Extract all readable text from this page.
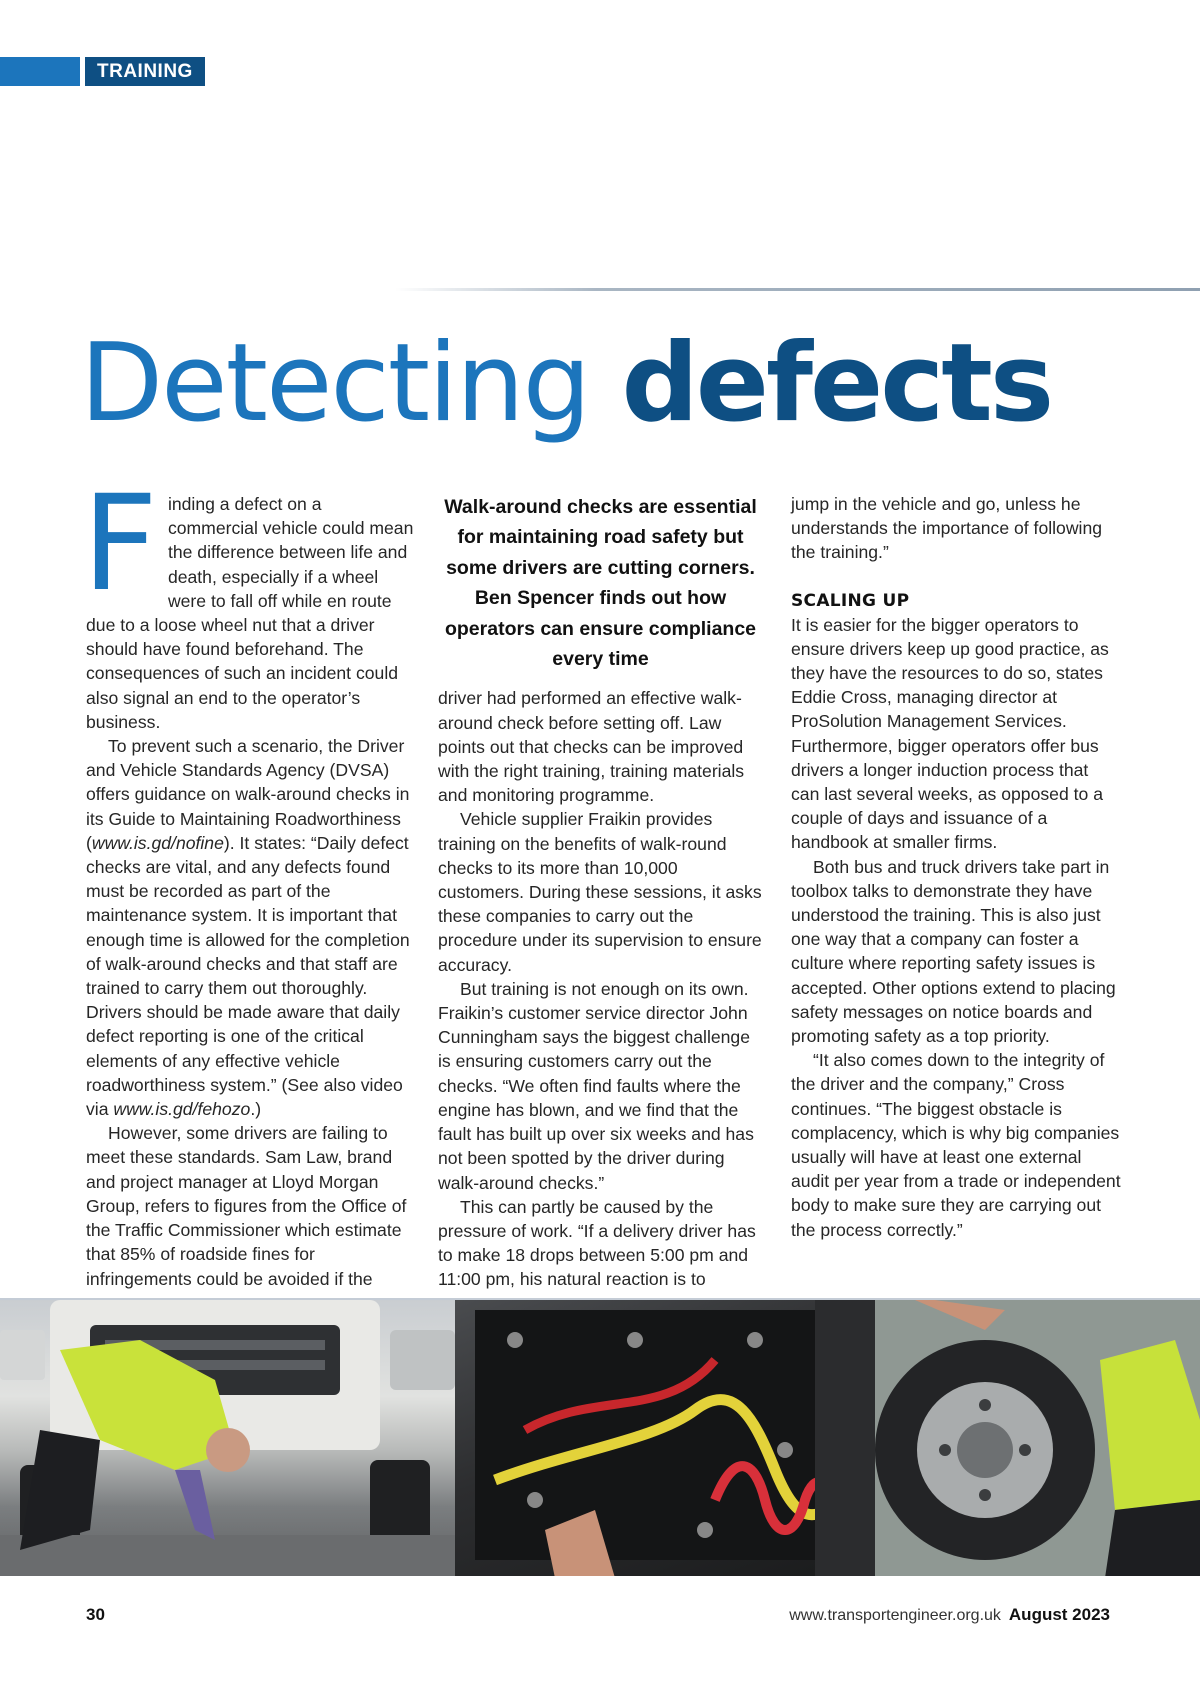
TRAINING
Detecting defects
F inding a defect on a commercial vehicle could mean the difference between life and death, especially if a wheel were to fall off while en route due to a loose wheel nut that a driver should have found beforehand. The consequences of such an incident could also signal an end to the operator’s business.

To prevent such a scenario, the Driver and Vehicle Standards Agency (DVSA) offers guidance on walk-around checks in its Guide to Maintaining Roadworthiness (www.is.gd/nofine). It states: “Daily defect checks are vital, and any defects found must be recorded as part of the maintenance system. It is important that enough time is allowed for the completion of walk-around checks and that staff are trained to carry them out thoroughly. Drivers should be made aware that daily defect reporting is one of the critical elements of any effective vehicle roadworthiness system.” (See also video via www.is.gd/fehozo.)

However, some drivers are failing to meet these standards. Sam Law, brand and project manager at Lloyd Morgan Group, refers to figures from the Office of the Traffic Commissioner which estimate that 85% of roadside fines for infringements could be avoided if the

Walk-around checks are essential for maintaining road safety but some drivers are cutting corners. Ben Spencer finds out how operators can ensure compliance every time

driver had performed an effective walk-around check before setting off. Law points out that checks can be improved with the right training, training materials and monitoring programme.

Vehicle supplier Fraikin provides training on the benefits of walk-round checks to its more than 10,000 customers. During these sessions, it asks these companies to carry out the procedure under its supervision to ensure accuracy.

But training is not enough on its own. Fraikin’s customer service director John Cunningham says the biggest challenge is ensuring customers carry out the checks. “We often find faults where the engine has blown, and we find that the fault has built up over six weeks and has not been spotted by the driver during walk-around checks.”

This can partly be caused by the pressure of work. “If a delivery driver has to make 18 drops between 5:00 pm and 11:00 pm, his natural reaction is to

jump in the vehicle and go, unless he understands the importance of following the training.”

SCALING UP

It is easier for the bigger operators to ensure drivers keep up good practice, as they have the resources to do so, states Eddie Cross, managing director at ProSolution Management Services. Furthermore, bigger operators offer bus drivers a longer induction process that can last several weeks, as opposed to a couple of days and issuance of a handbook at smaller firms.

Both bus and truck drivers take part in toolbox talks to demonstrate they have understood the training. This is also just one way that a company can foster a culture where reporting safety issues is accepted. Other options extend to placing safety messages on notice boards and promoting safety as a top priority.

“It also comes down to the integrity of the driver and the company,” Cross continues. “The biggest obstacle is complacency, which is why big companies usually will have at least one external audit per year from a trade or independent body to make sure they are carrying out the process correctly.”

30	www.transportengineer.org.uk August 2023
